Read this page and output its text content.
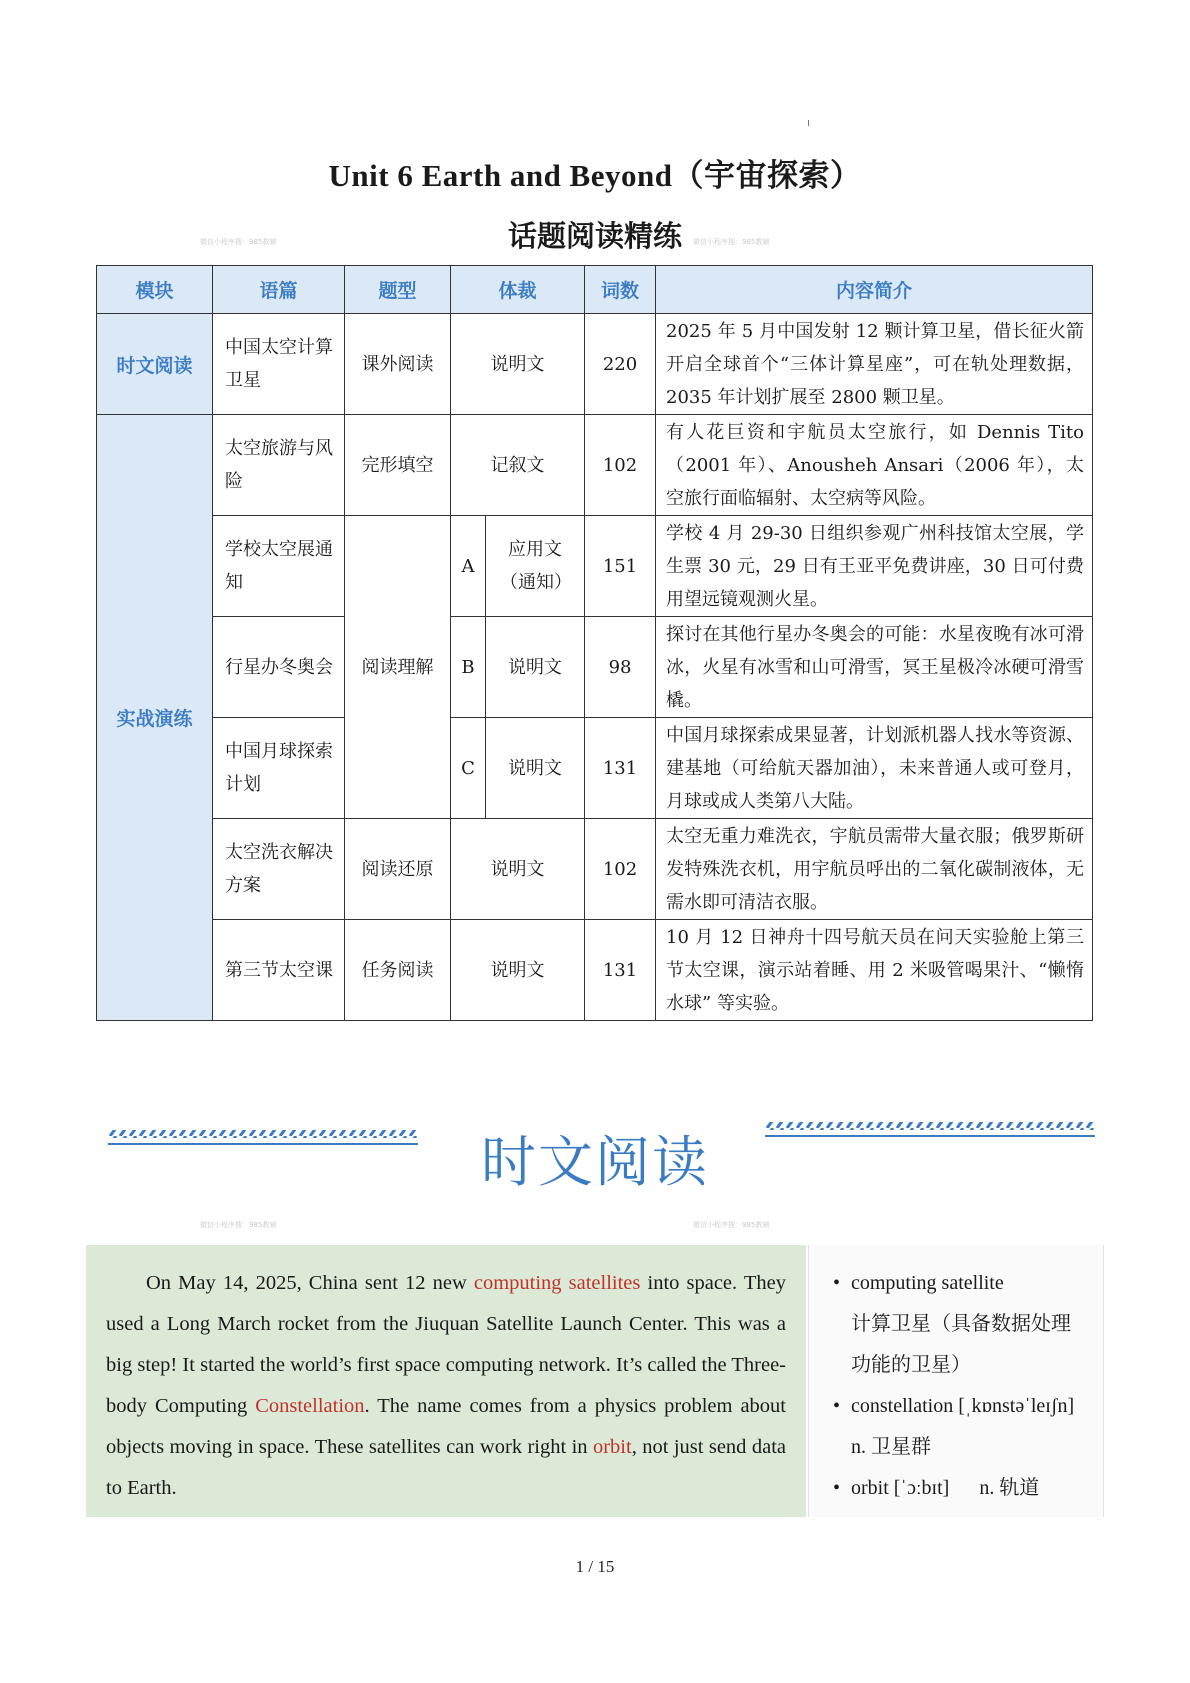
Unit 6 Earth and Beyond（宇宙探索）
话题阅读精练
微信小程序搜：985教辅	微信小程序搜：985教辅
微信小程序搜：985教辅	微信小程序搜：985教辅
模块	语篇	题型	体裁		词数	内容简介
时文阅读	中国太空计算卫星	课外阅读	说明文		220	2025 年 5 月中国发射 12 颗计算卫星，借长征火箭开启全球首个“三体计算星座”，可在轨处理数据，2035 年计划扩展至 2800 颗卫星。
实战演练	太空旅游与风险	完形填空	记叙文		102	有人花巨资和宇航员太空旅行，如 Dennis Tito（2001 年）、Anousheh Ansari（2006 年），太空旅行面临辐射、太空病等风险。
	学校太空展通知	阅读理解	A	应用文（通知）	151	学校 4 月 29-30 日组织参观广州科技馆太空展，学生票 30 元，29 日有王亚平免费讲座，30 日可付费用望远镜观测火星。
	行星办冬奥会		B	说明文	98	探讨在其他行星办冬奥会的可能：水星夜晚有冰可滑冰，火星有冰雪和山可滑雪，冥王星极冷冰硬可滑雪橇。
	中国月球探索计划		C	说明文	131	中国月球探索成果显著，计划派机器人找水等资源、建基地（可给航天器加油），未来普通人或可登月，月球或成人类第八大陆。
	太空洗衣解决方案	阅读还原	说明文		102	太空无重力难洗衣，宇航员需带大量衣服；俄罗斯研发特殊洗衣机，用宇航员呼出的二氧化碳制液体，无需水即可清洁衣服。
	第三节太空课	任务阅读	说明文		131	10 月 12 日神舟十四号航天员在问天实验舱上第三节太空课，演示站着睡、用 2 米吸管喝果汁、“懒惰水球” 等实验。
时文阅读
On May 14, 2025, China sent 12 new computing satellites into space. They used a Long March rocket from the Jiuquan Satellite Launch Center. This was a big step! It started the world’s first space computing network. It’s called the Three-body Computing Constellation. The name comes from a physics problem about objects moving in space. These satellites can work right in orbit, not just send data to Earth.
• computing satellite
计算卫星（具备数据处理功能的卫星）
• constellation [ˌkɒnstəˈleɪʃn]
n. 卫星群
• orbit [ˈɔːbɪt] n. 轨道
1 / 15
